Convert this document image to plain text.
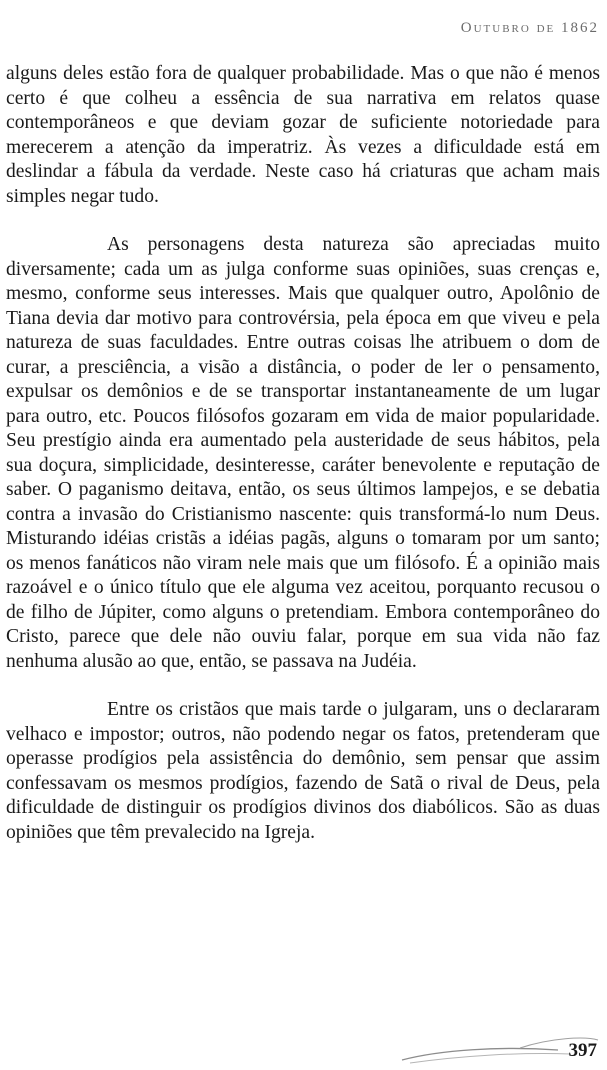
Outubro de 1862

alguns deles estão fora de qualquer probabilidade. Mas o que não é menos certo é que colheu a essência de sua narrativa em relatos quase contemporâneos e que deviam gozar de suficiente notoriedade para merecerem a atenção da imperatriz. Às vezes a dificuldade está em deslindar a fábula da verdade. Neste caso há criaturas que acham mais simples negar tudo.

As personagens desta natureza são apreciadas muito diversamente; cada um as julga conforme suas opiniões, suas crenças e, mesmo, conforme seus interesses. Mais que qualquer outro, Apolônio de Tiana devia dar motivo para controvérsia, pela época em que viveu e pela natureza de suas faculdades. Entre outras coisas lhe atribuem o dom de curar, a presciência, a visão a distância, o poder de ler o pensamento, expulsar os demônios e de se transportar instantaneamente de um lugar para outro, etc. Poucos filósofos gozaram em vida de maior popularidade. Seu prestígio ainda era aumentado pela austeridade de seus hábitos, pela sua doçura, simplicidade, desinteresse, caráter benevolente e reputação de saber. O paganismo deitava, então, os seus últimos lampejos, e se debatia contra a invasão do Cristianismo nascente: quis transformá-lo num Deus. Misturando idéias cristãs a idéias pagãs, alguns o tomaram por um santo; os menos fanáticos não viram nele mais que um filósofo. É a opinião mais razoável e o único título que ele alguma vez aceitou, porquanto recusou o de filho de Júpiter, como alguns o pretendiam. Embora contemporâneo do Cristo, parece que dele não ouviu falar, porque em sua vida não faz nenhuma alusão ao que, então, se passava na Judéia.

Entre os cristãos que mais tarde o julgaram, uns o declararam velhaco e impostor; outros, não podendo negar os fatos, pretenderam que operasse prodígios pela assistência do demônio, sem pensar que assim confessavam os mesmos prodígios, fazendo de Satã o rival de Deus, pela dificuldade de distinguir os prodígios divinos dos diabólicos. São as duas opiniões que têm prevalecido na Igreja.

397
